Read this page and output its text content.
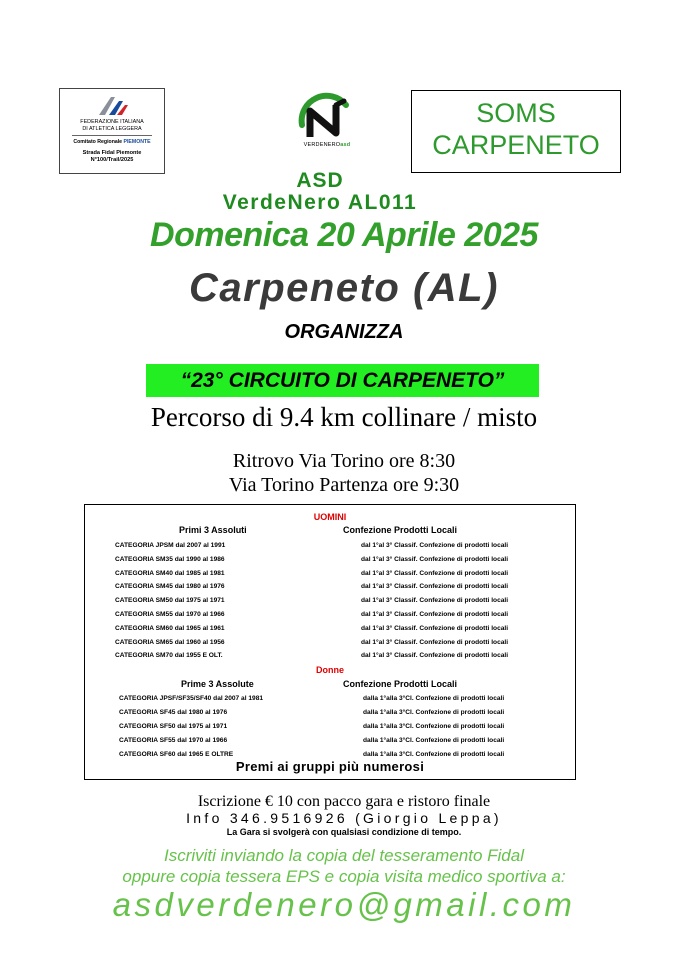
FEDERAZIONE ITALIANA
DI ATLETICA LEGGERA
Comitato Regionale PIEMONTE
Strada Fidal Piemonte
N°100/Trail/2025
VERDENEROasd
SOMS
CARPENETO
ASD
VerdeNero AL011
Domenica 20 Aprile 2025
Carpeneto (AL)
ORGANIZZA
“23° CIRCUITO DI CARPENETO”
Percorso di 9.4 km collinare / misto
Ritrovo Via Torino ore 8:30
Via Torino Partenza ore 9:30
UOMINI
Primi 3 Assoluti	Confezione Prodotti Locali
CATEGORIA JPSM dal 2007 al 1991	dal 1°al 3° Classif. Confezione di prodotti locali
CATEGORIA SM35 dal 1990 al 1986	dal 1°al 3° Classif. Confezione di prodotti locali
CATEGORIA SM40 dal 1985 al 1981	dal 1°al 3° Classif. Confezione di prodotti locali
CATEGORIA SM45 dal 1980 al 1976	dal 1°al 3° Classif. Confezione di prodotti locali
CATEGORIA SM50 dal 1975 al 1971	dal 1°al 3° Classif. Confezione di prodotti locali
CATEGORIA SM55 dal 1970 al 1966	dal 1°al 3° Classif. Confezione di prodotti locali
CATEGORIA SM60 dal 1965 al 1961	dal 1°al 3° Classif. Confezione di prodotti locali
CATEGORIA SM65 dal 1960 al 1956	dal 1°al 3° Classif. Confezione di prodotti locali
CATEGORIA SM70 dal 1955 E OLT.	dal 1°al 3° Classif. Confezione di prodotti locali
Donne
Prime 3 Assolute	Confezione Prodotti Locali
CATEGORIA JPSF/SF35/SF40 dal 2007 al 1981	dalla 1°alla 3°Cl. Confezione di prodotti locali
CATEGORIA SF45 dal 1980 al 1976	dalla 1°alla 3°Cl. Confezione di prodotti locali
CATEGORIA SF50 dal 1975 al 1971	dalla 1°alla 3°Cl. Confezione di prodotti locali
CATEGORIA SF55 dal 1970 al 1966	dalla 1°alla 3°Cl. Confezione di prodotti locali
CATEGORIA SF60 dal 1965 E OLTRE	dalla 1°alla 3°Cl. Confezione di prodotti locali
Premi ai gruppi più numerosi
Iscrizione € 10 con pacco gara e ristoro finale
Info 346.9516926 (Giorgio Leppa)
La Gara si svolgerà con qualsiasi condizione di tempo.
Iscriviti inviando la copia del tesseramento Fidal
oppure copia tessera EPS e copia visita medico sportiva a:
asdverdenero@gmail.com
